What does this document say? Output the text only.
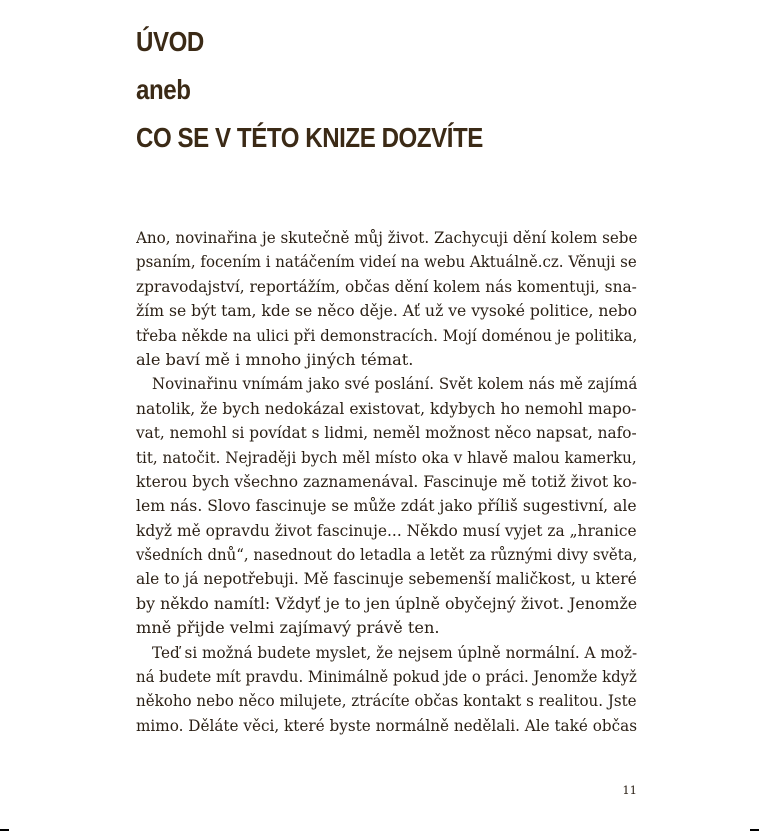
ÚVOD
aneb
CO SE V TÉTO KNIZE DOZVÍTE
Ano, novinařina je skutečně můj život. Zachycuji dění kolem sebe
psaním, focením i natáčením videí na webu Aktuálně.cz. Věnuji se
zpravodajství, reportážím, občas dění kolem nás komentuji, sna-
žím se být tam, kde se něco děje. Ať už ve vysoké politice, nebo
třeba někde na ulici při demonstracích. Mojí doménou je politika,
ale baví mě i mnoho jiných témat.
Novinařinu vnímám jako své poslání. Svět kolem nás mě zajímá
natolik, že bych nedokázal existovat, kdybych ho nemohl mapo-
vat, nemohl si povídat s lidmi, neměl možnost něco napsat, nafo-
tit, natočit. Nejraději bych měl místo oka v hlavě malou kamerku,
kterou bych všechno zaznamenával. Fascinuje mě totiž život ko-
lem nás. Slovo fascinuje se může zdát jako příliš sugestivní, ale
když mě opravdu život fascinuje... Někdo musí vyjet za „hranice
všedních dnů“, nasednout do letadla a letět za různými divy světa,
ale to já nepotřebuji. Mě fascinuje sebemenší maličkost, u které
by někdo namítl: Vždyť je to jen úplně obyčejný život. Jenomže
mně přijde velmi zajímavý právě ten.
Teď si možná budete myslet, že nejsem úplně normální. A mož-
ná budete mít pravdu. Minimálně pokud jde o práci. Jenomže když
někoho nebo něco milujete, ztrácíte občas kontakt s realitou. Jste
mimo. Děláte věci, které byste normálně nedělali. Ale také občas
11
